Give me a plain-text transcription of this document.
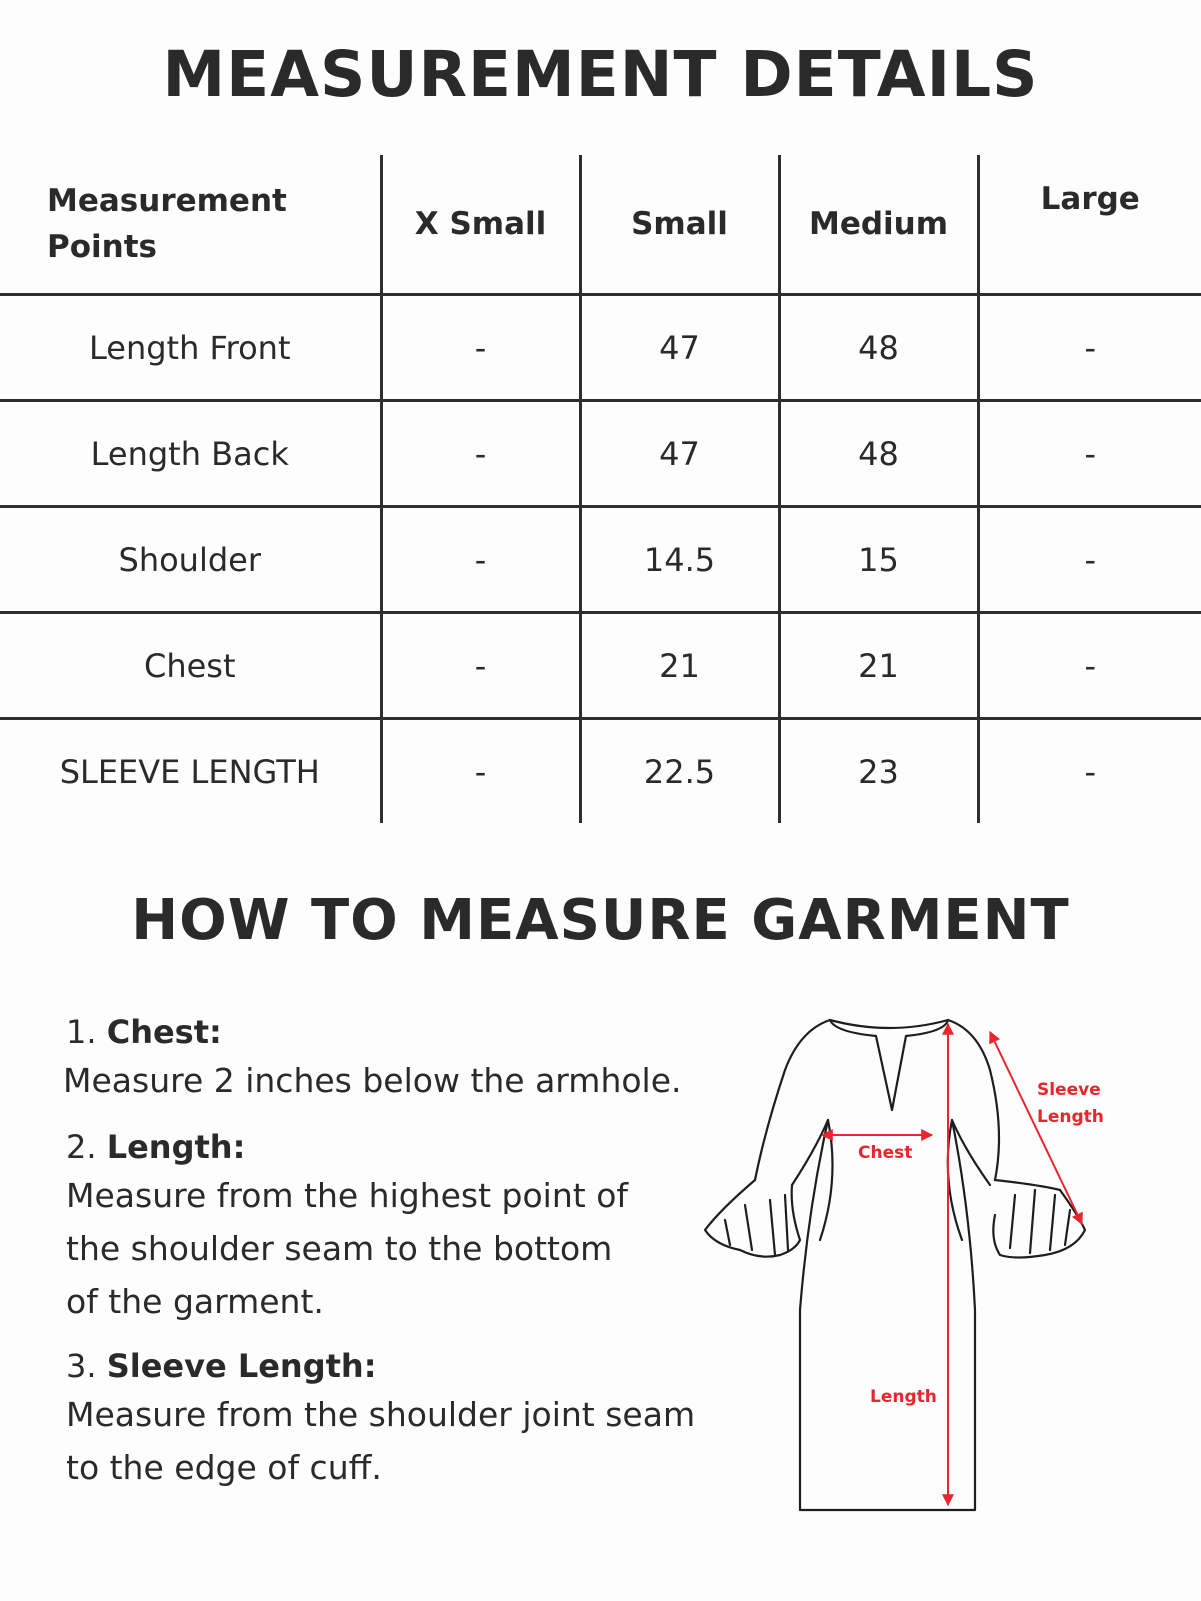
MEASUREMENT DETAILS
Measurement
Points	X Small	Small	Medium	Large
Length Front	-	47	48	-
Length Back	-	47	48	-
Shoulder	-	14.5	15	-
Chest	-	21	21	-
SLEEVE LENGTH	-	22.5	23	-
HOW TO MEASURE GARMENT

1. Chest:

Measure 2 inches below the armhole.

2. Length:

Measure from the highest point of

the shoulder seam to the bottom

of the garment.

3. Sleeve Length:

Measure from the shoulder joint seam

to the edge of cuff.

Chest
Length
Sleeve
Length
